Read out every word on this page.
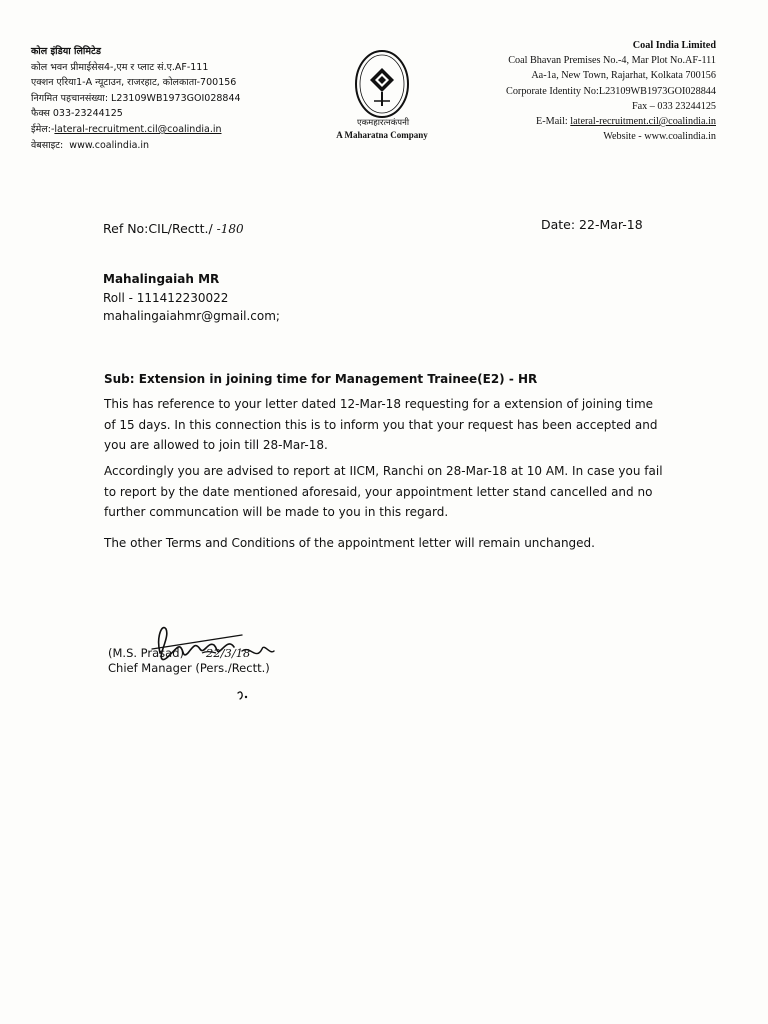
कोल इंडिया लिमिटेड
कोल भवन प्रीमाईसेस4-,एम र प्लाट सं.ए.AF-111
एक्शन एरिया1-A न्यूटाउन, राजरहाट, कोलकाता-700156
निगमित पहचानसंख्या: L23109WB1973GOI028844
फैक्स 033-23244125
ईमेल:-lateral-recruitment.cil@coalindia.in
वेबसाइट: www.coalindia.in
एकमहारत्नकंपनी
A Maharatna Company
Coal India Limited
Coal Bhavan Premises No.-4, Mar Plot No.AF-111
Aa-1a, New Town, Rajarhat, Kolkata 700156
Corporate Identity No:L23109WB1973GOI028844
Fax – 033 23244125
E-Mail: lateral-recruitment.cil@coalindia.in
Website - www.coalindia.in
Ref No:CIL/Rectt./ -180	Date: 22-Mar-18
Mahalingaiah MR
Roll - 111412230022
mahalingaiahmr@gmail.com;
Sub: Extension in joining time for Management Trainee(E2) - HR
This has reference to your letter dated 12-Mar-18 requesting for a extension of joining time of 15 days. In this connection this is to inform you that your request has been accepted and you are allowed to join till 28-Mar-18.
Accordingly you are advised to report at IICM, Ranchi on 28-Mar-18 at 10 AM. In case you fail to report by the date mentioned aforesaid, your appointment letter stand cancelled and no further communcation will be made to you in this regard.
The other Terms and Conditions of the appointment letter will remain unchanged.
(M.S. Prasad) 22/3/18
Chief Manager (Pers./Rectt.)
